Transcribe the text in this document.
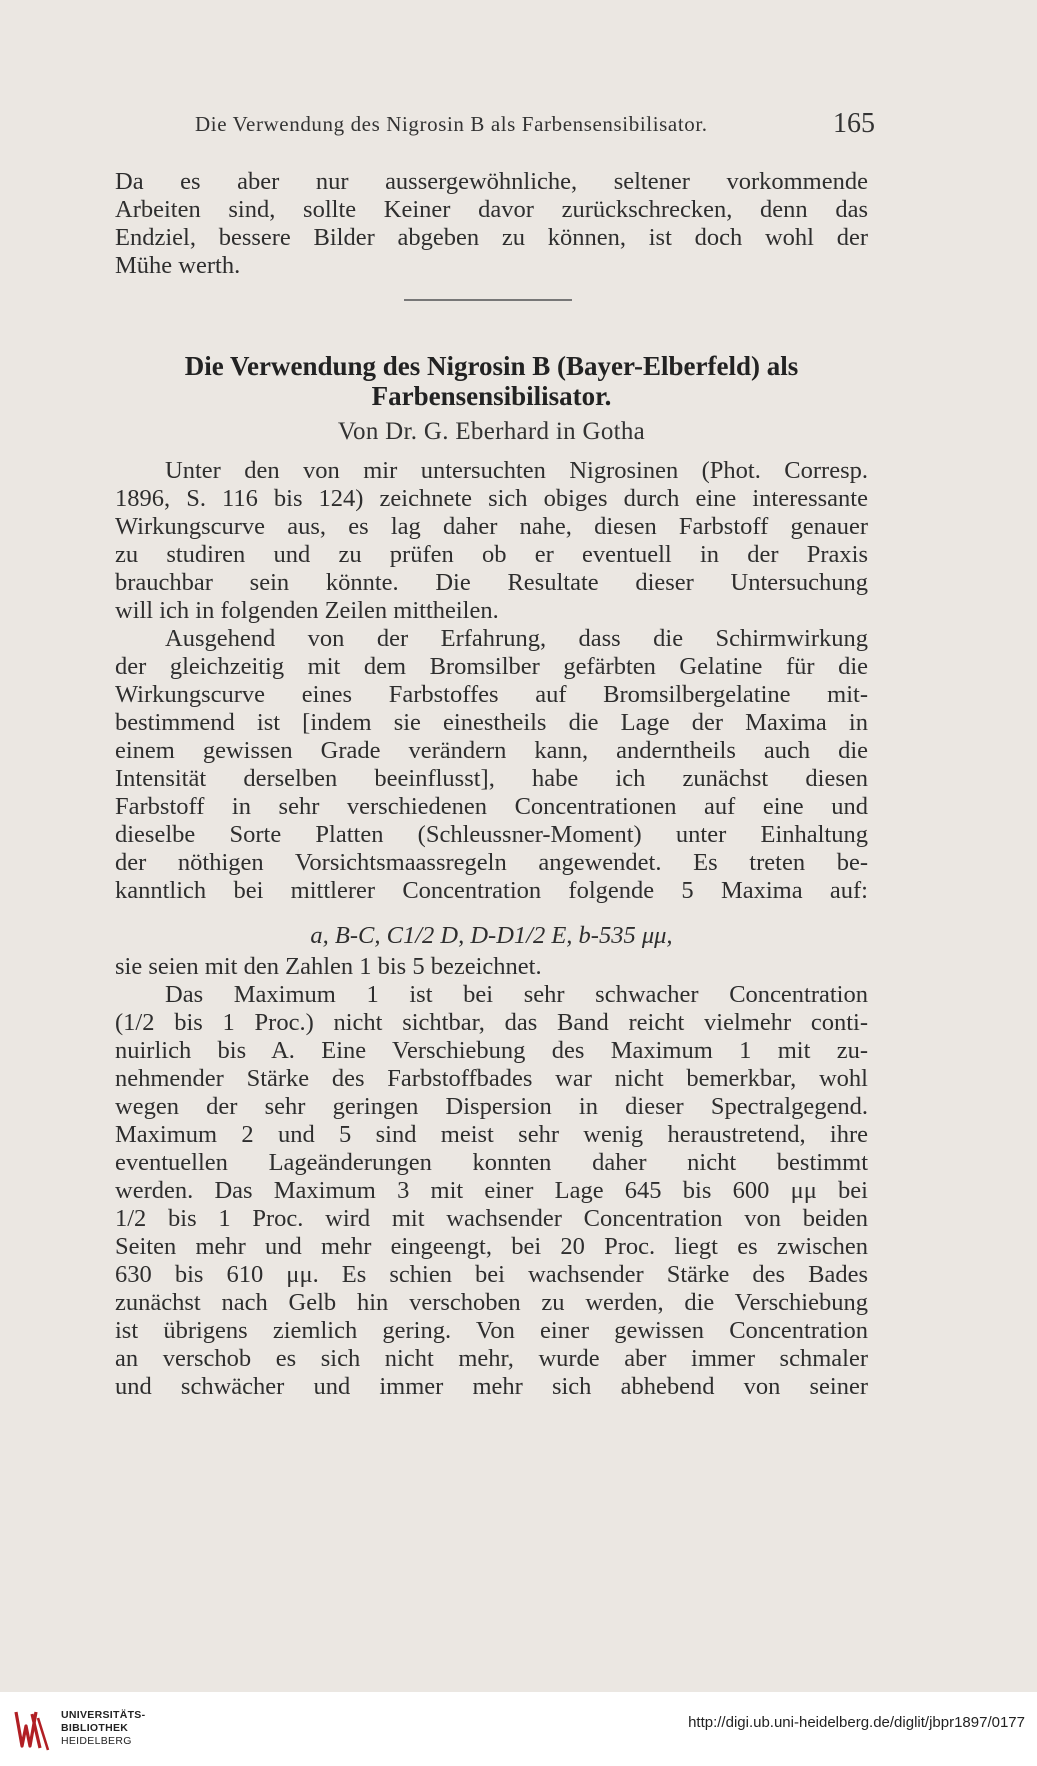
Die Verwendung des Nigrosin B als Farbensensibilisator.	165
Da es aber nur aussergewöhnliche, seltener vorkommende
Arbeiten sind, sollte Keiner davor zurückschrecken, denn das
Endziel, bessere Bilder abgeben zu können, ist doch wohl der
Mühe werth.
Die Verwendung des Nigrosin B (Bayer-Elberfeld) als
Farbensensibilisator.
Von Dr. G. Eberhard in Gotha
Unter den von mir untersuchten Nigrosinen (Phot. Corresp.
1896, S. 116 bis 124) zeichnete sich obiges durch eine interessante
Wirkungscurve aus, es lag daher nahe, diesen Farbstoff genauer
zu studiren und zu prüfen ob er eventuell in der Praxis
brauchbar sein könnte. Die Resultate dieser Untersuchung
will ich in folgenden Zeilen mittheilen.
Ausgehend von der Erfahrung, dass die Schirmwirkung
der gleichzeitig mit dem Bromsilber gefärbten Gelatine für die
Wirkungscurve eines Farbstoffes auf Bromsilbergelatine mit-
bestimmend ist [indem sie einestheils die Lage der Maxima in
einem gewissen Grade verändern kann, anderntheils auch die
Intensität derselben beeinflusst], habe ich zunächst diesen
Farbstoff in sehr verschiedenen Concentrationen auf eine und
dieselbe Sorte Platten (Schleussner-Moment) unter Einhaltung
der nöthigen Vorsichtsmaassregeln angewendet. Es treten be-
kanntlich bei mittlerer Concentration folgende 5 Maxima auf:
a, B-C, C1/2 D, D-D1/2 E, b-535 μμ,
sie seien mit den Zahlen 1 bis 5 bezeichnet.
Das Maximum 1 ist bei sehr schwacher Concentration
(1/2 bis 1 Proc.) nicht sichtbar, das Band reicht vielmehr conti-
nuirlich bis A. Eine Verschiebung des Maximum 1 mit zu-
nehmender Stärke des Farbstoffbades war nicht bemerkbar, wohl
wegen der sehr geringen Dispersion in dieser Spectralgegend.
Maximum 2 und 5 sind meist sehr wenig heraustretend, ihre
eventuellen Lageänderungen konnten daher nicht bestimmt
werden. Das Maximum 3 mit einer Lage 645 bis 600 μμ bei
1/2 bis 1 Proc. wird mit wachsender Concentration von beiden
Seiten mehr und mehr eingeengt, bei 20 Proc. liegt es zwischen
630 bis 610 μμ. Es schien bei wachsender Stärke des Bades
zunächst nach Gelb hin verschoben zu werden, die Verschiebung
ist übrigens ziemlich gering. Von einer gewissen Concentration
an verschob es sich nicht mehr, wurde aber immer schmaler
und schwächer und immer mehr sich abhebend von seiner
UNIVERSITÄTS-
BIBLIOTHEK
HEIDELBERG
http://digi.ub.uni-heidelberg.de/diglit/jbpr1897/0177
